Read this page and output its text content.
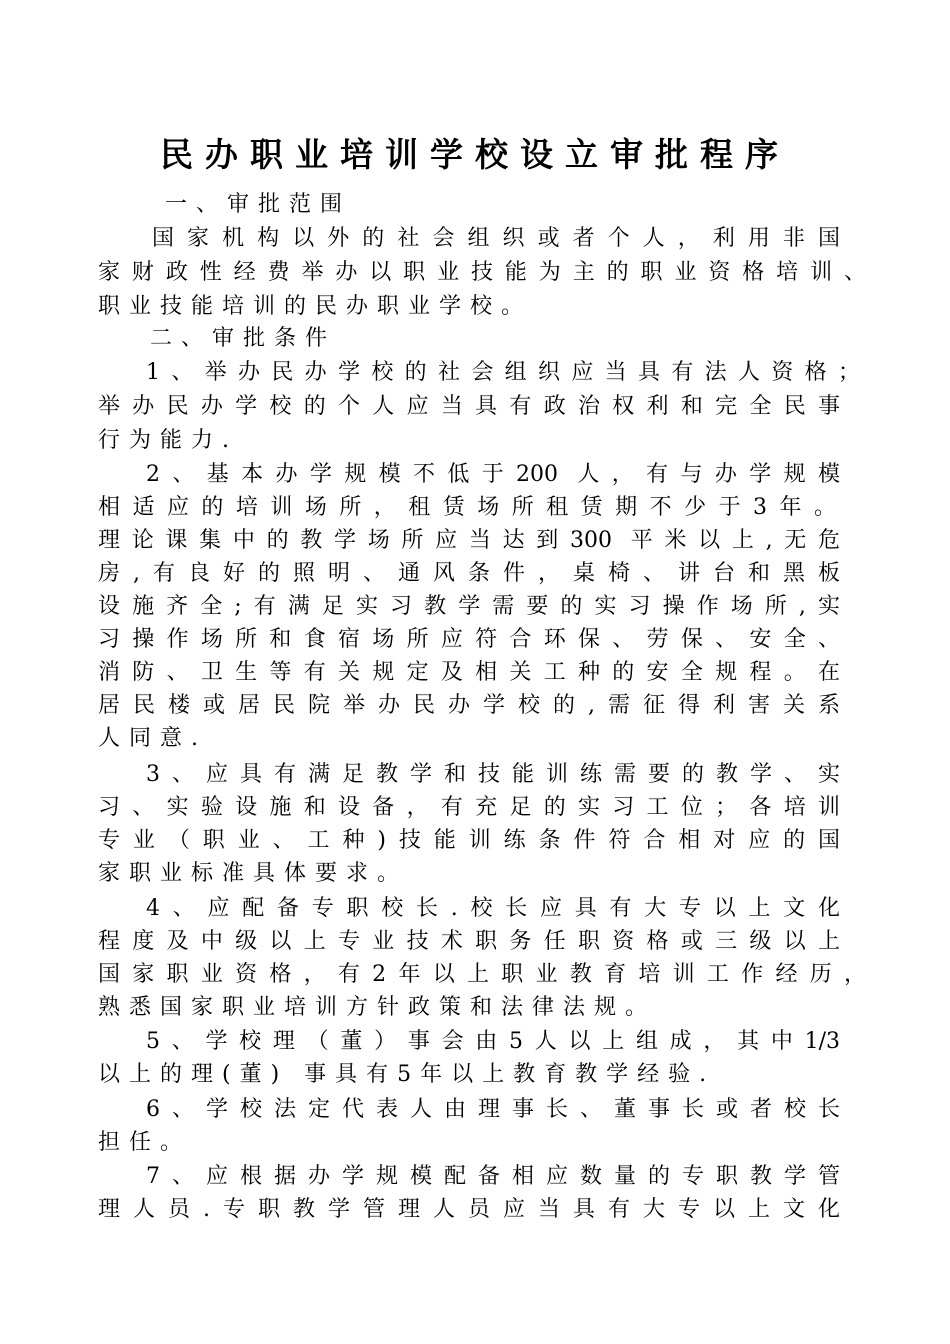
民办职业培训学校设立审批程序
一、审批范围
国家机构以外的社会组织或者个人，利用非国
家财政性经费举办以职业技能为主的职业资格培训、
职业技能培训的民办职业学校。
二、审批条件
1、举办民办学校的社会组织应当具有法人资格；
举办民办学校的个人应当具有政治权利和完全民事
行为能力.
2、基本办学规模不低于200 人，有与办学规模
相适应的培训场所，租赁场所租赁期不少于3年。
理论课集中的教学场所应当达到300 平米以上,无危
房,有良好的照明、通风条件，桌椅、讲台和黑板
设施齐全;有满足实习教学需要的实习操作场所,实
习操作场所和食宿场所应符合环保、劳保、安全、
消防、卫生等有关规定及相关工种的安全规程。在
居民楼或居民院举办民办学校的,需征得利害关系
人同意.
3、应具有满足教学和技能训练需要的教学、实
习、实验设施和设备，有充足的实习工位；各培训
专业（职业、工种)技能训练条件符合相对应的国
家职业标准具体要求。
4、应配备专职校长.校长应具有大专以上文化
程度及中级以上专业技术职务任职资格或三级以上
国家职业资格，有2年以上职业教育培训工作经历，
熟悉国家职业培训方针政策和法律法规。
5、学校理（董）事会由5人以上组成，其中1/3
以上的理(董) 事具有5年以上教育教学经验.
6、学校法定代表人由理事长、董事长或者校长
担任。
7、应根据办学规模配备相应数量的专职教学管
理人员.专职教学管理人员应当具有大专以上文化
